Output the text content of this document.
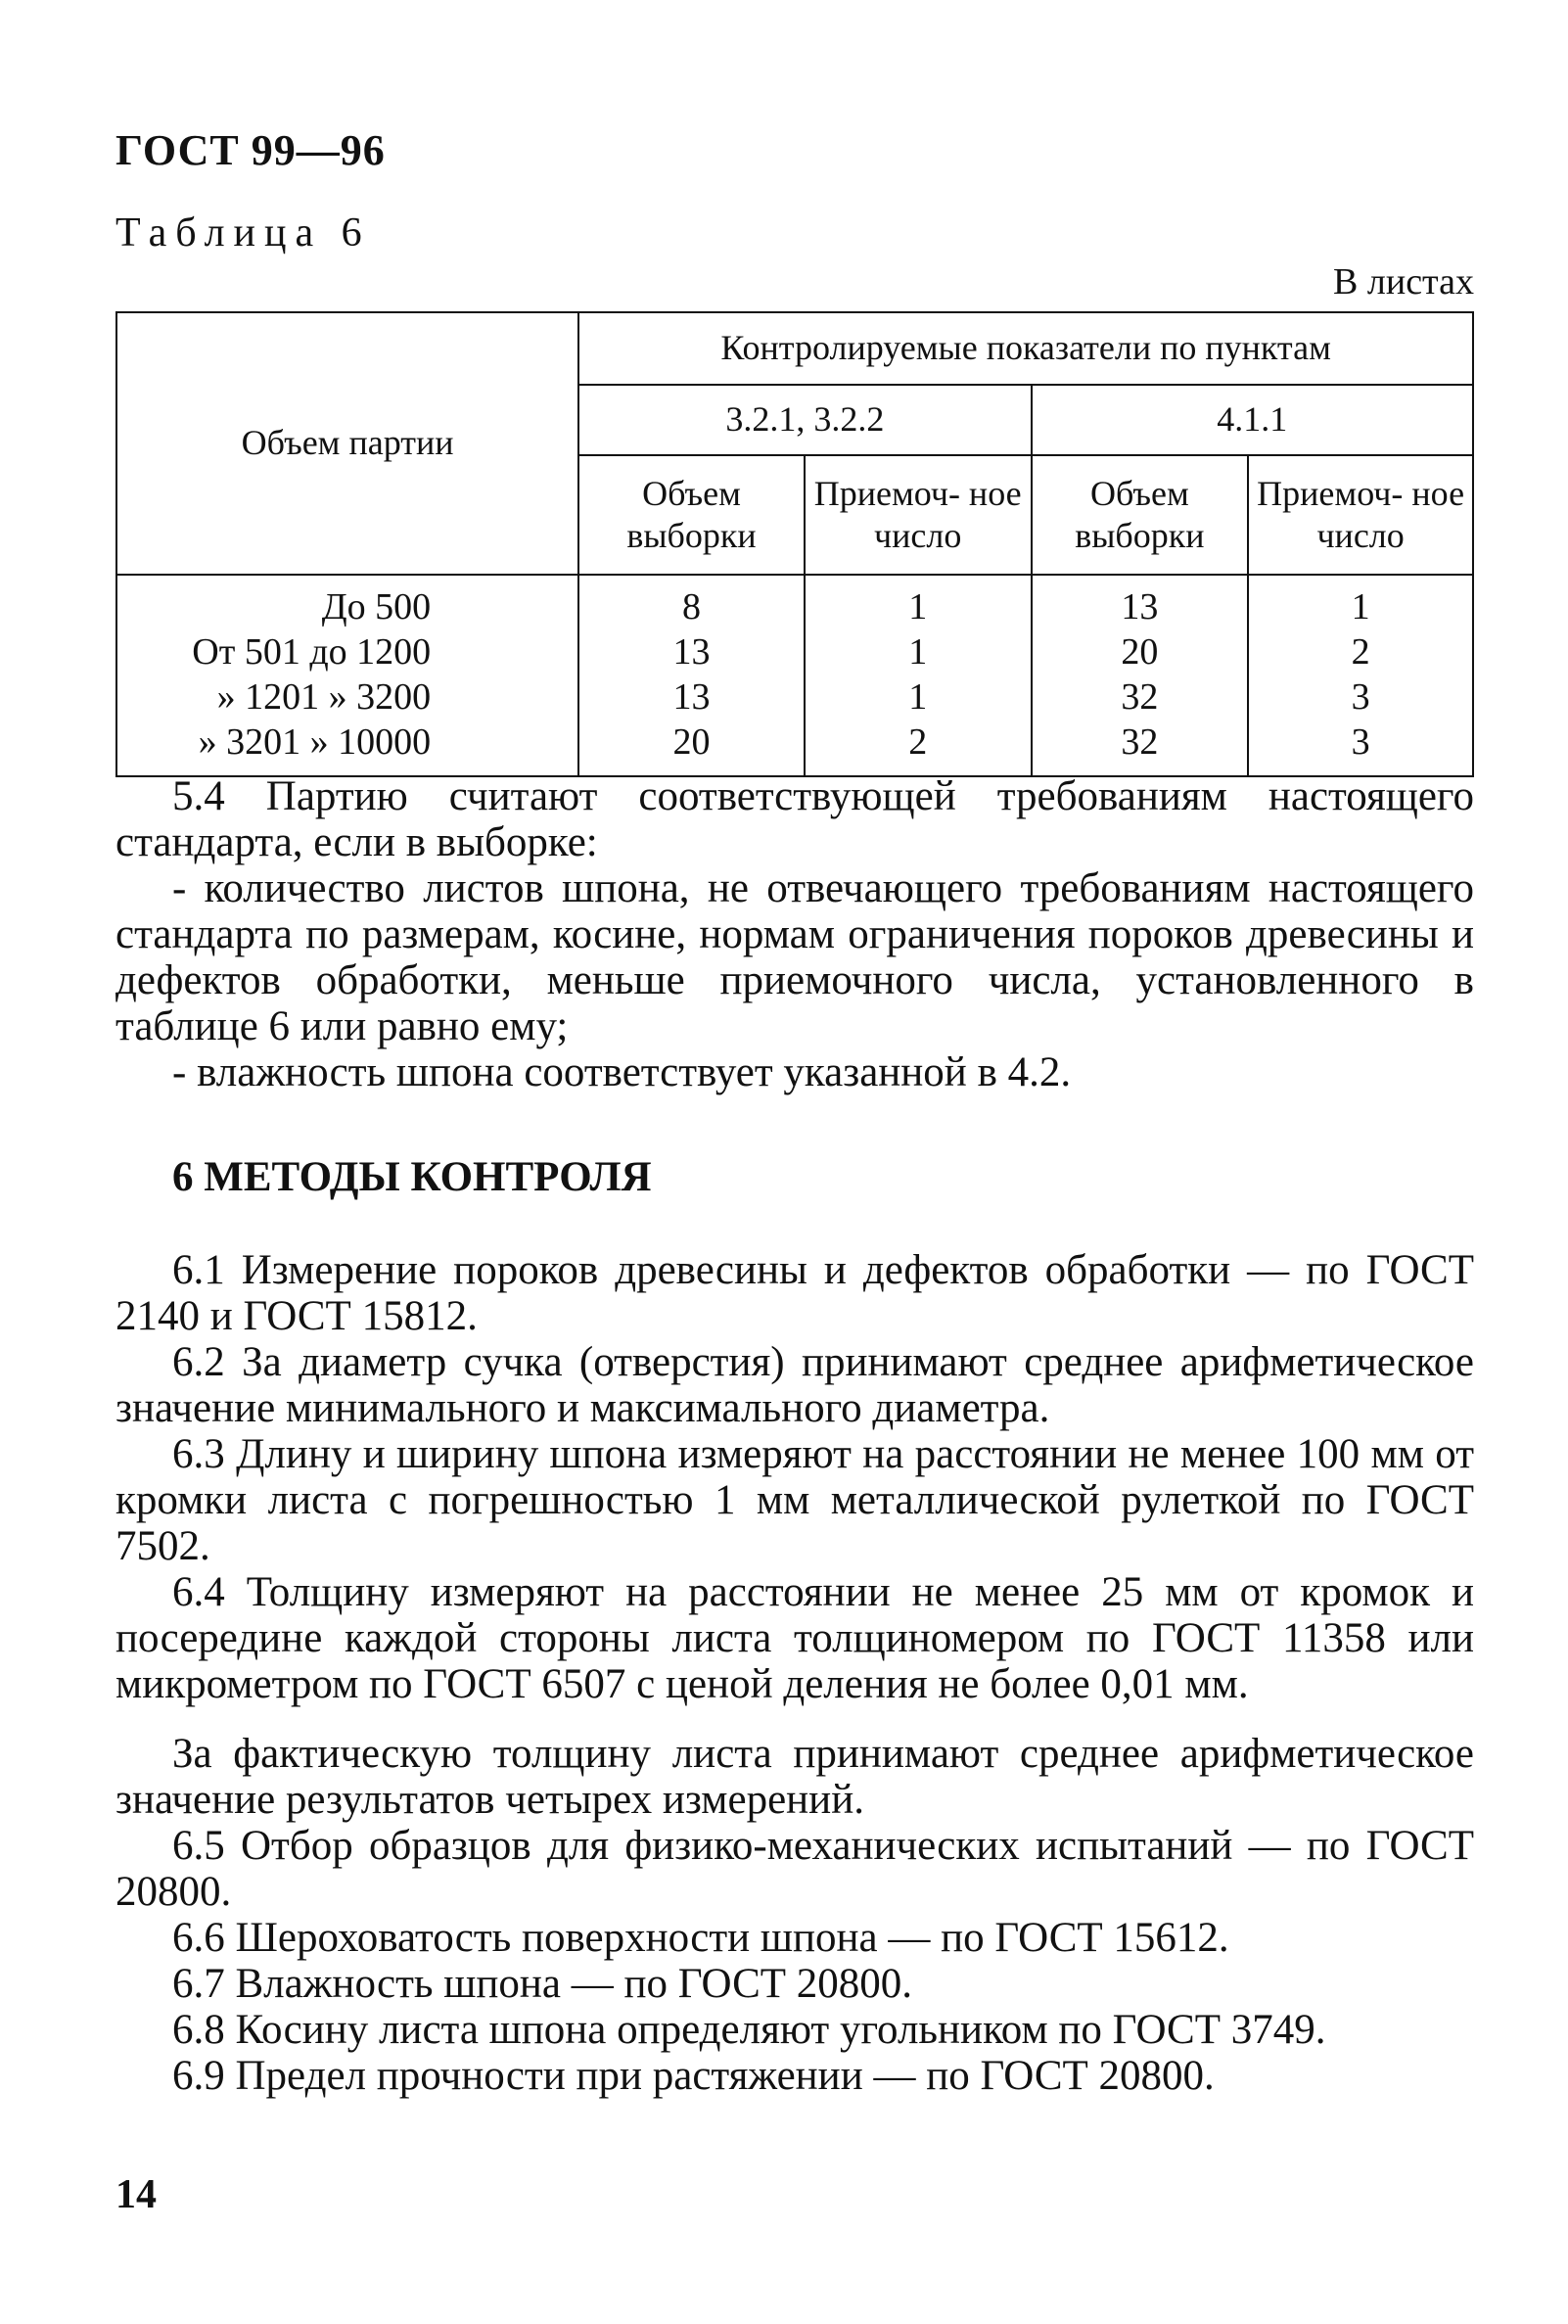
ГОСТ 99—96
Таблица 6
В листах
Объем партии	Контролируемые показатели по пунктам			
	3.2.1, 3.2.2		4.1.1	
	Объем выборки	Приемоч- ное число	Объем выборки	Приемоч- ное число
До 500	8	1	13	1
От 501 до 1200	13	1	20	2
» 1201 » 3200	13	1	32	3
» 3201 » 10000	20	2	32	3

5.4 Партию считают соответствующей требованиям настоящего стандарта, если в выборке:

- количество листов шпона, не отвечающего требованиям настоящего стандарта по размерам, косине, нормам ограничения пороков древесины и дефектов обработки, меньше приемочного числа, установленного в таблице 6 или равно ему;

- влажность шпона соответствует указанной в 4.2.

6 МЕТОДЫ КОНТРОЛЯ

6.1 Измерение пороков древесины и дефектов обработки — по ГОСТ 2140 и ГОСТ 15812.

6.2 За диаметр сучка (отверстия) принимают среднее арифметическое значение минимального и максимального диаметра.

6.3 Длину и ширину шпона измеряют на расстоянии не менее 100 мм от кромки листа с погрешностью 1 мм металлической рулеткой по ГОСТ 7502.

6.4 Толщину измеряют на расстоянии не менее 25 мм от кромок и посередине каждой стороны листа толщиномером по ГОСТ 11358 или микрометром по ГОСТ 6507 с ценой деления не более 0,01 мм.

За фактическую толщину листа принимают среднее арифметическое значение результатов четырех измерений.

6.5 Отбор образцов для физико-механических испытаний — по ГОСТ 20800.

6.6 Шероховатость поверхности шпона — по ГОСТ 15612.

6.7 Влажность шпона — по ГОСТ 20800.

6.8 Косину листа шпона определяют угольником по ГОСТ 3749.

6.9 Предел прочности при растяжении — по ГОСТ 20800.

14
